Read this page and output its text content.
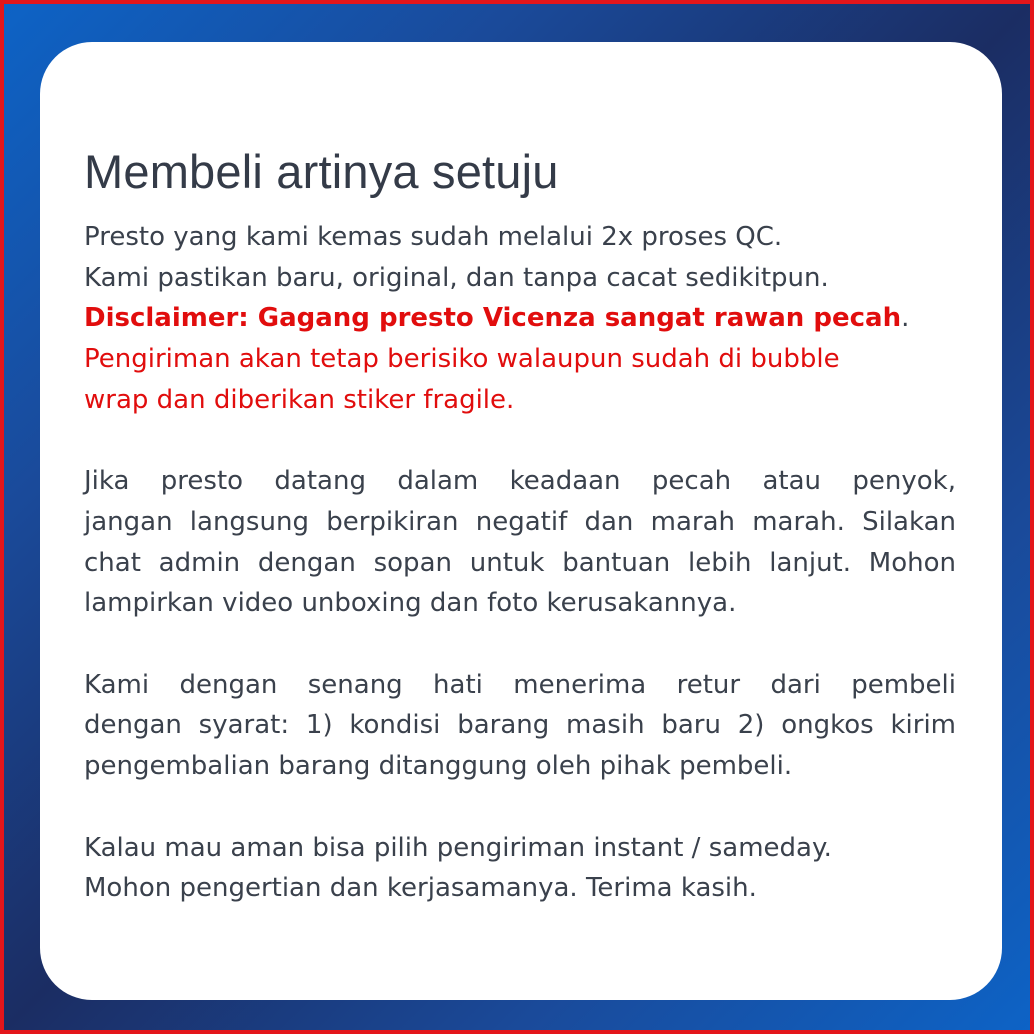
Membeli artinya setuju
Presto yang kami kemas sudah melalui 2x proses QC.
Kami pastikan baru, original, dan tanpa cacat sedikitpun.
Disclaimer: Gagang presto Vicenza sangat rawan pecah.
Pengiriman akan tetap berisiko walaupun sudah di bubble
wrap dan diberikan stiker fragile.
Jika presto datang dalam keadaan pecah atau penyok,
jangan langsung berpikiran negatif dan marah marah. Silakan
chat admin dengan sopan untuk bantuan lebih lanjut. Mohon
lampirkan video unboxing dan foto kerusakannya.
Kami dengan senang hati menerima retur dari pembeli
dengan syarat: 1) kondisi barang masih baru 2) ongkos kirim
pengembalian barang ditanggung oleh pihak pembeli.
Kalau mau aman bisa pilih pengiriman instant / sameday.
Mohon pengertian dan kerjasamanya. Terima kasih.
